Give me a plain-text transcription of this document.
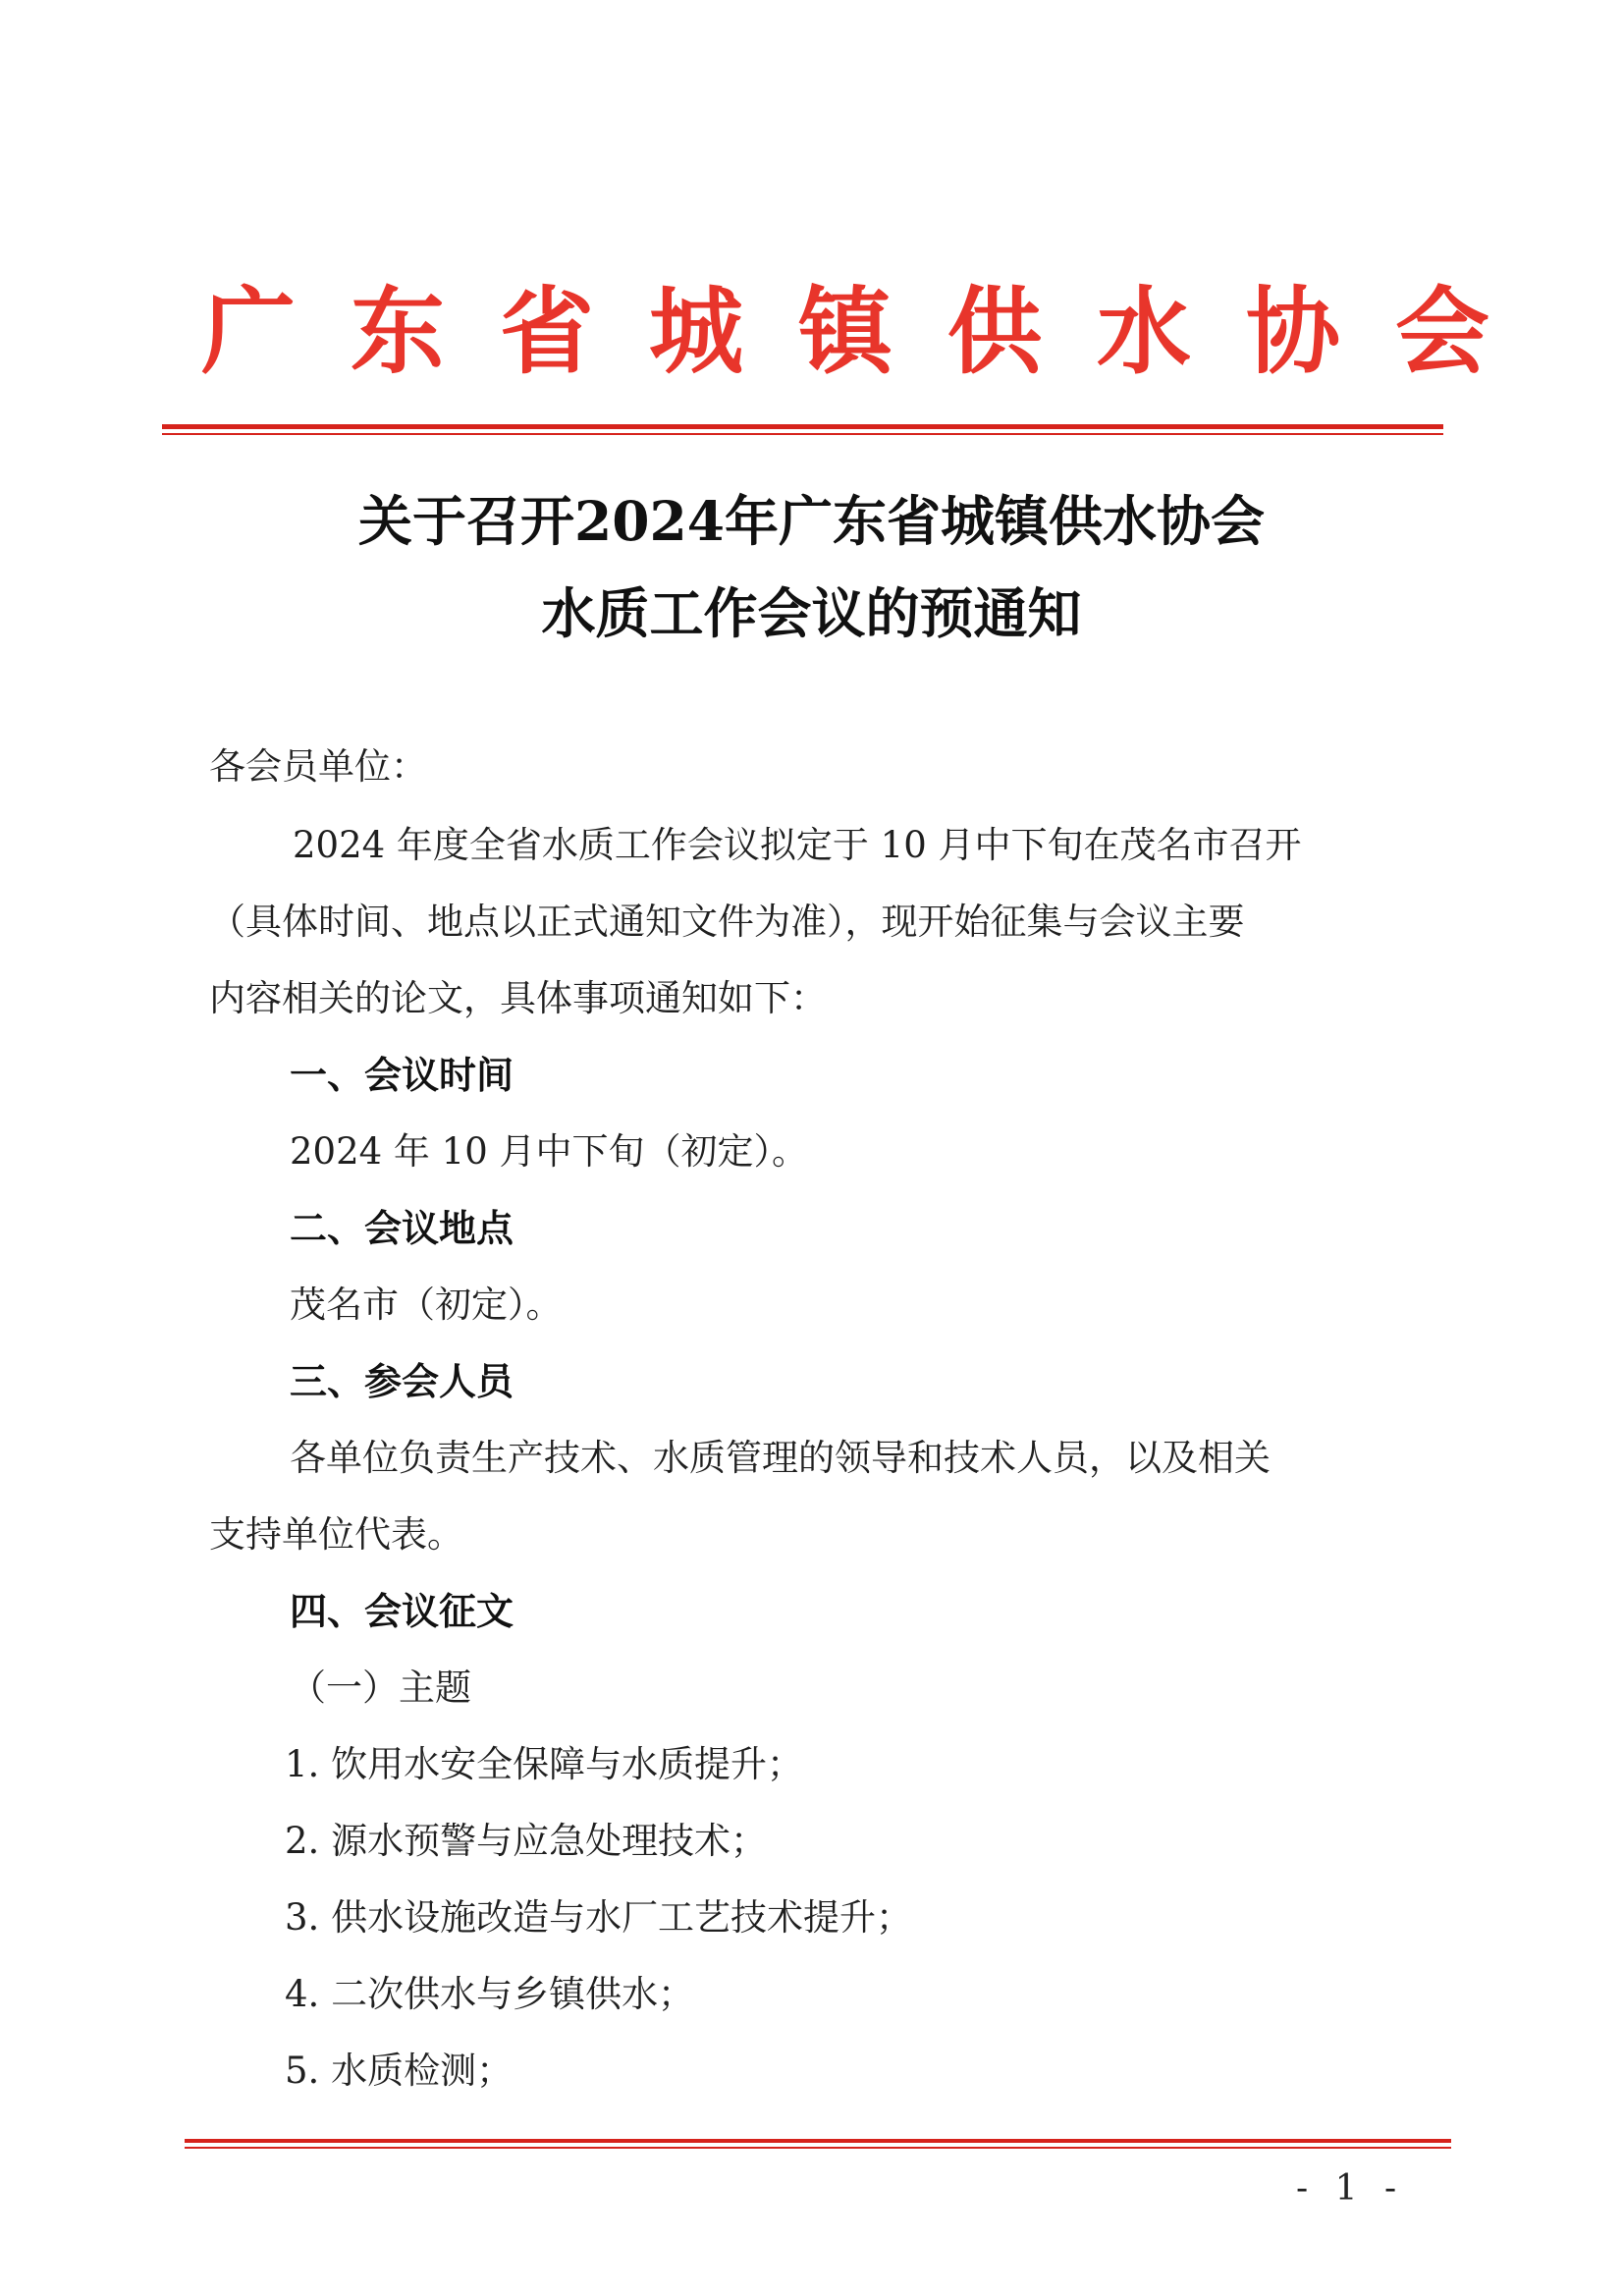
广东省城镇供水协会
关于召开2024年广东省城镇供水协会
水质工作会议的预通知
各会员单位：
2024 年度全省水质工作会议拟定于 10 月中下旬在茂名市召开
（具体时间、地点以正式通知文件为准），现开始征集与会议主要
内容相关的论文，具体事项通知如下：
一、会议时间
2024 年 10 月中下旬（初定）。
二、会议地点
茂名市（初定）。
三、参会人员
各单位负责生产技术、水质管理的领导和技术人员，以及相关
支持单位代表。
四、会议征文
（一）主题
1. 饮用水安全保障与水质提升；
2. 源水预警与应急处理技术；
3. 供水设施改造与水厂工艺技术提升；
4. 二次供水与乡镇供水；
5. 水质检测；
- 1 -
